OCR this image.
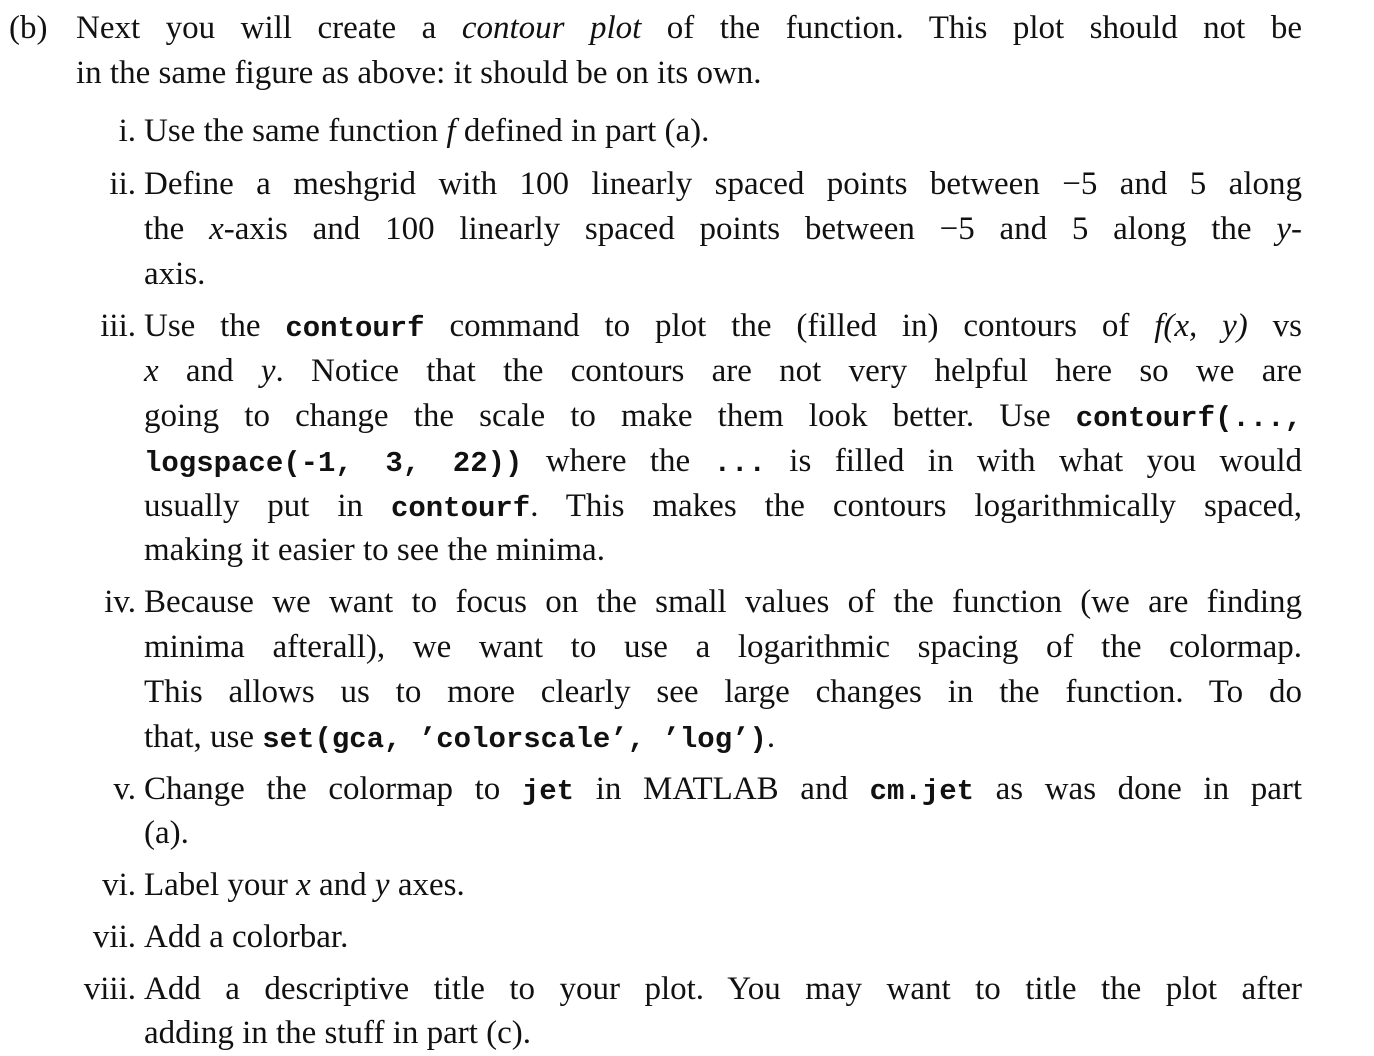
(b) Next you will create a contour plot of the function. This plot should not be
in the same figure as above: it should be on its own.
i. Use the same function f defined in part (a).
ii. Define a meshgrid with 100 linearly spaced points between −5 and 5 along
the x-axis and 100 linearly spaced points between −5 and 5 along the y-
axis.
iii. Use the contourf command to plot the (filled in) contours of f(x, y) vs
x and y. Notice that the contours are not very helpful here so we are
going to change the scale to make them look better. Use contourf(...,
logspace(-1, 3, 22)) where the ... is filled in with what you would
usually put in contourf. This makes the contours logarithmically spaced,
making it easier to see the minima.
iv. Because we want to focus on the small values of the function (we are finding
minima afterall), we want to use a logarithmic spacing of the colormap.
This allows us to more clearly see large changes in the function. To do
that, use set(gca, ’colorscale’, ’log’).
v. Change the colormap to jet in MATLAB and cm.jet as was done in part
(a).
vi. Label your x and y axes.
vii. Add a colorbar.
viii. Add a descriptive title to your plot. You may want to title the plot after
adding in the stuff in part (c).
